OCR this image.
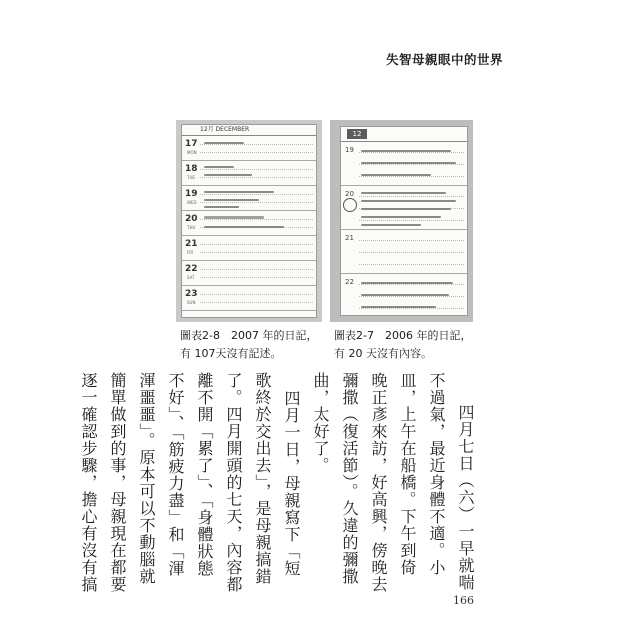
失智母親眼中的世界
12月 DECEMBER
17
MON
18
TUE
19
WED
20
THU
21
FRI
22
SAT
23
SUN
12
19
20
21
22
圖表2-8　2007 年的日記，有 107天沒有記述。
圖表2-7　2006 年的日記，有 20 天沒有內容。
四月七日（六）一早就喘
不過氣，最近身體不適。小
皿，上午在船橋。下午到倚
晚正彥來訪，好高興，傍晚去
彌撒（復活節）。久違的彌撒
曲，太好了。
四月一日，母親寫下「短
歌終於交出去」，是母親搞錯
了。四月開頭的七天，內容都
離不開「累了」、「身體狀態
不好」、「筋疲力盡」和「渾
渾噩噩」。原本可以不動腦就
簡單做到的事，母親現在都要
逐一確認步驟，擔心有沒有搞
166
